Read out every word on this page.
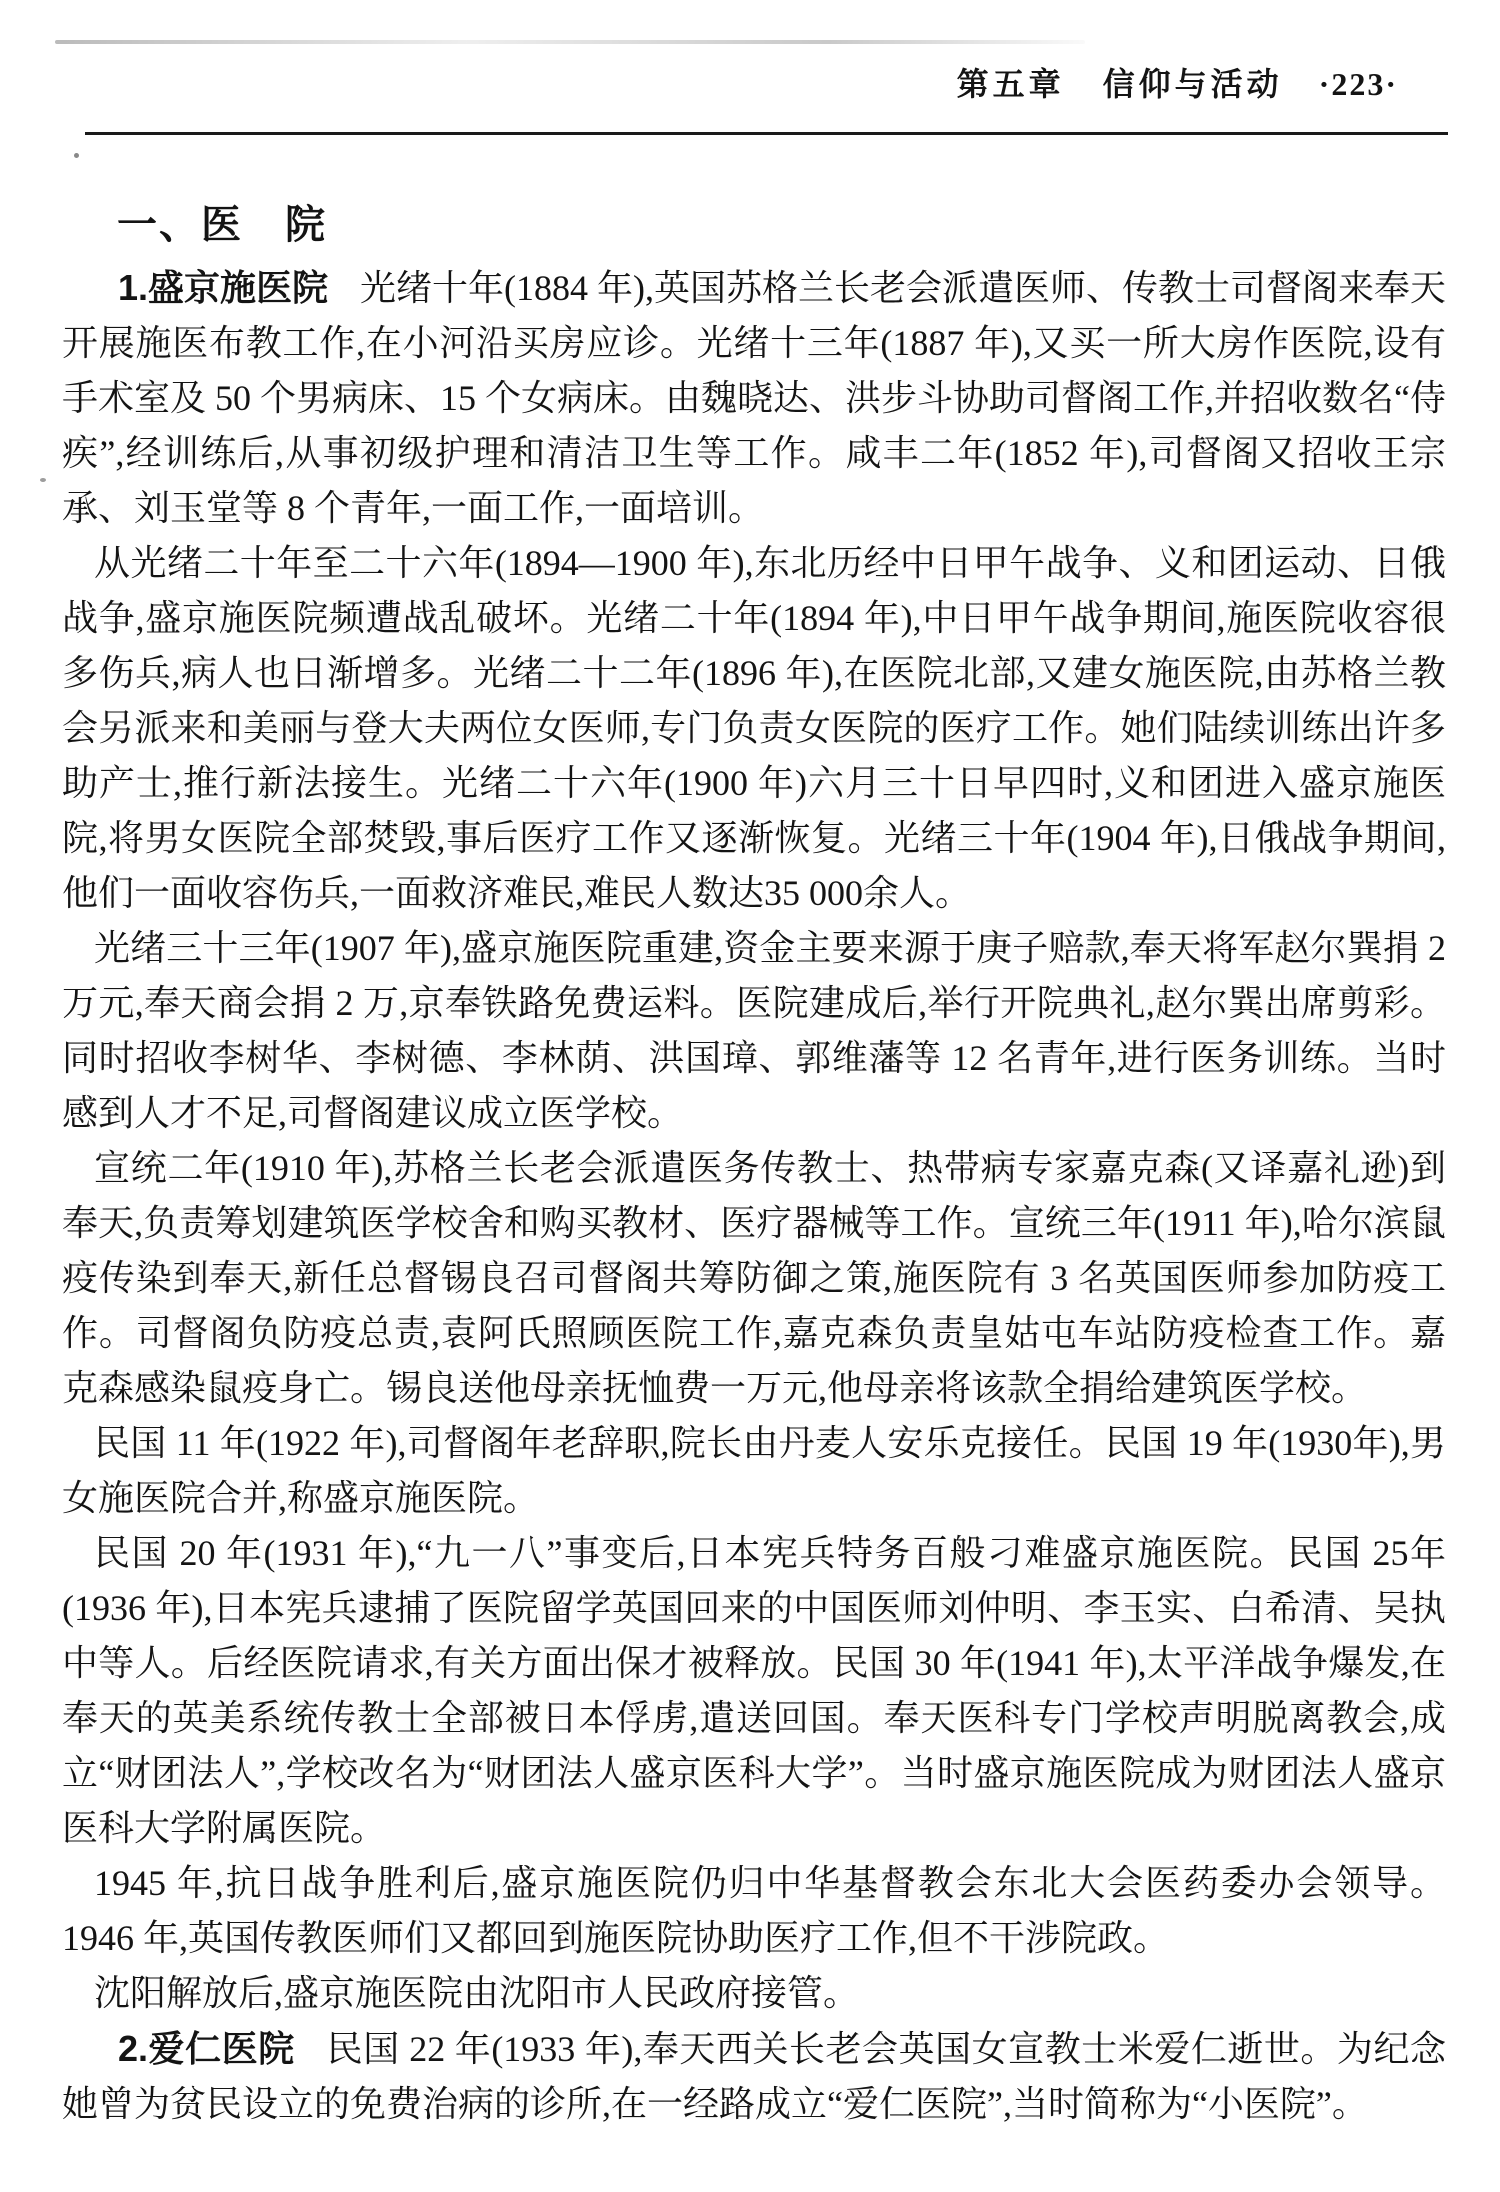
第五章 信仰与活动 ·223·
一、医　院

1.盛京施医院 光绪十年(1884 年),英国苏格兰长老会派遣医师、传教士司督阁来奉天开展施医布教工作,在小河沿买房应诊。光绪十三年(1887 年),又买一所大房作医院,设有手术室及 50 个男病床、15 个女病床。由魏晓达、洪步斗协助司督阁工作,并招收数名“侍疾”,经训练后,从事初级护理和清洁卫生等工作。咸丰二年(1852 年),司督阁又招收王宗承、刘玉堂等 8 个青年,一面工作,一面培训。

从光绪二十年至二十六年(1894—1900 年),东北历经中日甲午战争、义和团运动、日俄战争,盛京施医院频遭战乱破坏。光绪二十年(1894 年),中日甲午战争期间,施医院收容很多伤兵,病人也日渐增多。光绪二十二年(1896 年),在医院北部,又建女施医院,由苏格兰教会另派来和美丽与登大夫两位女医师,专门负责女医院的医疗工作。她们陆续训练出许多助产士,推行新法接生。光绪二十六年(1900 年)六月三十日早四时,义和团进入盛京施医院,将男女医院全部焚毁,事后医疗工作又逐渐恢复。光绪三十年(1904 年),日俄战争期间,他们一面收容伤兵,一面救济难民,难民人数达35 000余人。

光绪三十三年(1907 年),盛京施医院重建,资金主要来源于庚子赔款,奉天将军赵尔巽捐 2 万元,奉天商会捐 2 万,京奉铁路免费运料。医院建成后,举行开院典礼,赵尔巽出席剪彩。同时招收李树华、李树德、李林荫、洪国璋、郭维藩等 12 名青年,进行医务训练。当时感到人才不足,司督阁建议成立医学校。

宣统二年(1910 年),苏格兰长老会派遣医务传教士、热带病专家嘉克森(又译嘉礼逊)到奉天,负责筹划建筑医学校舍和购买教材、医疗器械等工作。宣统三年(1911 年),哈尔滨鼠疫传染到奉天,新任总督锡良召司督阁共筹防御之策,施医院有 3 名英国医师参加防疫工作。司督阁负防疫总责,袁阿氏照顾医院工作,嘉克森负责皇姑屯车站防疫检查工作。嘉克森感染鼠疫身亡。锡良送他母亲抚恤费一万元,他母亲将该款全捐给建筑医学校。

民国 11 年(1922 年),司督阁年老辞职,院长由丹麦人安乐克接任。民国 19 年(1930年),男女施医院合并,称盛京施医院。

民国 20 年(1931 年),“九一八”事变后,日本宪兵特务百般刁难盛京施医院。民国 25年(1936 年),日本宪兵逮捕了医院留学英国回来的中国医师刘仲明、李玉实、白希清、吴执中等人。后经医院请求,有关方面出保才被释放。民国 30 年(1941 年),太平洋战争爆发,在奉天的英美系统传教士全部被日本俘虏,遣送回国。奉天医科专门学校声明脱离教会,成立“财团法人”,学校改名为“财团法人盛京医科大学”。当时盛京施医院成为财团法人盛京医科大学附属医院。

1945 年,抗日战争胜利后,盛京施医院仍归中华基督教会东北大会医药委办会领导。1946 年,英国传教医师们又都回到施医院协助医疗工作,但不干涉院政。

沈阳解放后,盛京施医院由沈阳市人民政府接管。

2.爱仁医院 民国 22 年(1933 年),奉天西关长老会英国女宣教士米爱仁逝世。为纪念她曾为贫民设立的免费治病的诊所,在一经路成立“爱仁医院”,当时简称为“小医院”。
